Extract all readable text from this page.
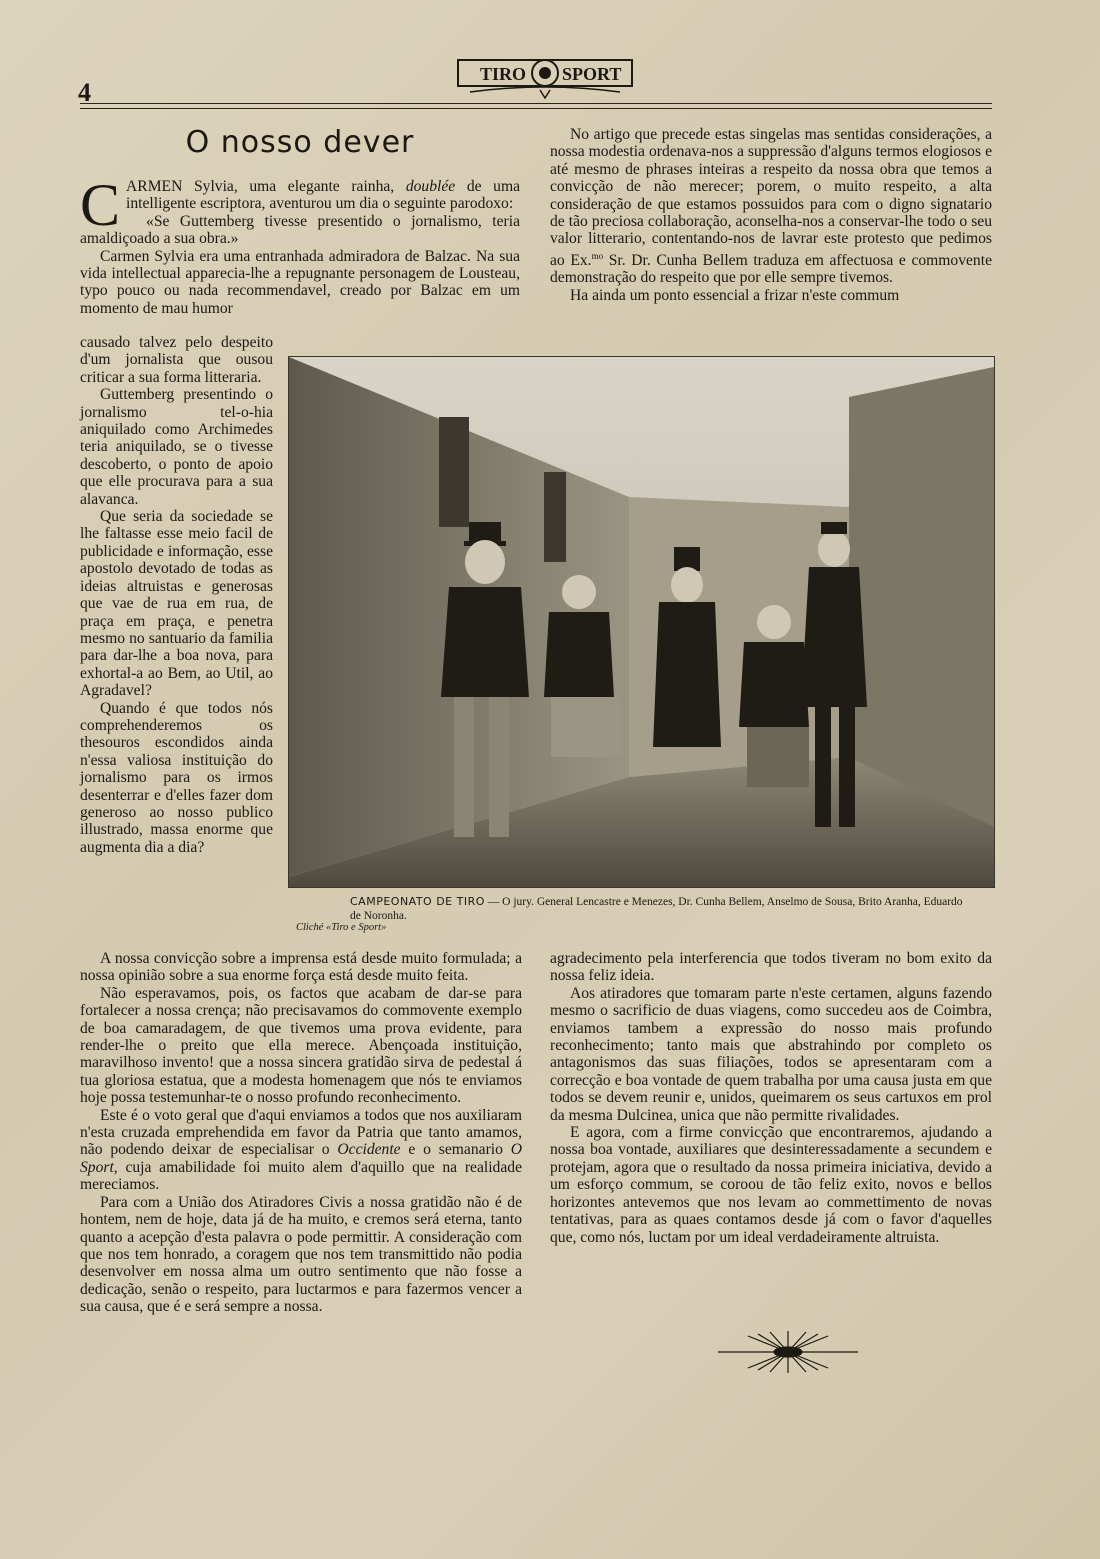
4
TIRO SPORT
O nosso dever

CARMEN Sylvia, uma elegante rainha, doublée de uma intelligente escriptora, aventurou um dia o seguinte parodoxo:

«Se Guttemberg tivesse presentido o jornalismo, teria amaldiçoado a sua obra.»

Carmen Sylvia era uma entranhada admiradora de Balzac. Na sua vida intellectual apparecia-lhe a repugnante personagem de Lousteau, typo pouco ou nada recommendavel, creado por Balzac em um momento de mau humor

causado talvez pelo despeito d'um jornalista que ousou criticar a sua forma litteraria.

Guttemberg presentindo o jornalismo tel-o-hia aniquilado como Archimedes teria aniquilado, se o tivesse descoberto, o ponto de apoio que elle procurava para a sua alavanca.

Que seria da sociedade se lhe faltasse esse meio facil de publicidade e informação, esse apostolo devotado de todas as ideias altruistas e generosas que vae de rua em rua, de praça em praça, e penetra mesmo no santuario da familia para dar-lhe a boa nova, para exhortal-a ao Bem, ao Util, ao Agradavel?

Quando é que todos nós comprehenderemos os thesouros escondidos ainda n'essa valiosa instituição do jornalismo para os irmos desenterrar e d'elles fazer dom generoso ao nosso publico illustrado, massa enorme que augmenta dia a dia?

No artigo que precede estas singelas mas sentidas considerações, a nossa modestia ordenava-nos a suppressão d'alguns termos elogiosos e até mesmo de phrases inteiras a respeito da nossa obra que temos a convicção de não merecer; porem, o muito respeito, a alta consideração de que estamos possuidos para com o digno signatario de tão preciosa collaboração, aconselha-nos a conservar-lhe todo o seu valor litterario, contentando-nos de lavrar este protesto que pedimos ao Ex.$^{mo}$ Sr. Dr. Cunha Bellem traduza em affectuosa e commovente demonstração do respeito que por elle sempre tivemos.

Ha ainda um ponto essencial a frizar n'este commum

CAMPEONATO DE TIRO — O jury. General Lencastre e Menezes, Dr. Cunha Bellem, Anselmo de Sousa, Brito Aranha, Eduardo de Noronha.
Cliché «Tiro e Sport»

A nossa convicção sobre a imprensa está desde muito formulada; a nossa opinião sobre a sua enorme força está desde muito feita.

Não esperavamos, pois, os factos que acabam de dar-se para fortalecer a nossa crença; não precisavamos do commovente exemplo de boa camaradagem, de que tivemos uma prova evidente, para render-lhe o preito que ella merece. Abençoada instituição, maravilhoso invento! que a nossa sincera gratidão sirva de pedestal á tua gloriosa estatua, que a modesta homenagem que nós te enviamos hoje possa testemunhar-te o nosso profundo reconhecimento.

Este é o voto geral que d'aqui enviamos a todos que nos auxiliaram n'esta cruzada emprehendida em favor da Patria que tanto amamos, não podendo deixar de especialisar o Occidente e o semanario O Sport, cuja amabilidade foi muito alem d'aquillo que na realidade mereciamos.

Para com a União dos Atiradores Civis a nossa gratidão não é de hontem, nem de hoje, data já de ha muito, e cremos será eterna, tanto quanto a acepção d'esta palavra o pode permittir. A consideração com que nos tem honrado, a coragem que nos tem transmittido não podia desenvolver em nossa alma um outro sentimento que não fosse a dedicação, senão o respeito, para luctarmos e para fazermos vencer a sua causa, que é e será sempre a nossa.

agradecimento pela interferencia que todos tiveram no bom exito da nossa feliz ideia.

Aos atiradores que tomaram parte n'este certamen, alguns fazendo mesmo o sacrificio de duas viagens, como succedeu aos de Coimbra, enviamos tambem a expressão do nosso mais profundo reconhecimento; tanto mais que abstrahindo por completo os antagonismos das suas filiações, todos se apresentaram com a correcção e boa vontade de quem trabalha por uma causa justa em que todos se devem reunir e, unidos, queimarem os seus cartuxos em prol da mesma Dulcinea, unica que não permitte rivalidades.

E agora, com a firme convicção que encontraremos, ajudando a nossa boa vontade, auxiliares que desinteressadamente a secundem e protejam, agora que o resultado da nossa primeira iniciativa, devido a um esforço commum, se coroou de tão feliz exito, novos e bellos horizontes antevemos que nos levam ao commettimento de novas tentativas, para as quaes contamos desde já com o favor d'aquelles que, como nós, luctam por um ideal verdadeiramente altruista.
